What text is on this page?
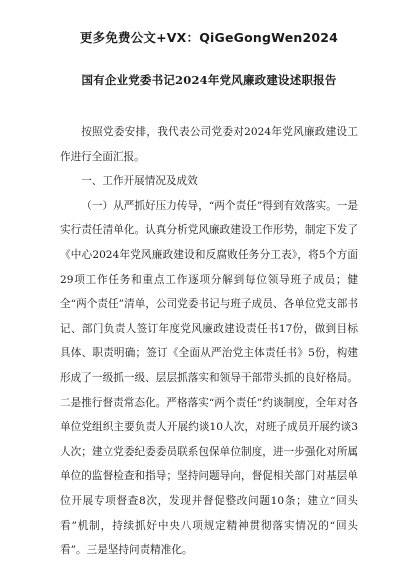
更多免费公文+VX：QiGeGongWen2024
国有企业党委书记2024年党风廉政建设述职报告

按照党委安排，我代表公司党委对2024年党风廉政建设工作进行全面汇报。

一、工作开展情况及成效

（一）从严抓好压力传导，“两个责任”得到有效落实。一是实行责任清单化。认真分析党风廉政建设工作形势，制定下发了《中心2024年党风廉政建设和反腐败任务分工表》，将5个方面29项工作任务和重点工作逐项分解到每位领导班子成员；健全“两个责任”清单，公司党委书记与班子成员、各单位党支部书记、部门负责人签订年度党风廉政建设责任书17份，做到目标具体、职责明确；签订《全面从严治党主体责任书》5份，构建形成了一级抓一级、层层抓落实和领导干部带头抓的良好格局。二是推行督责常态化。严格落实“两个责任”约谈制度，全年对各单位党组织主要负责人开展约谈10人次，对班子成员开展约谈3人次；建立党委纪委委员联系包保单位制度，进一步强化对所属单位的监督检查和指导；坚持问题导向，督促相关部门对基层单位开展专项督查8次，发现并督促整改问题10条；建立“回头看”机制，持续抓好中央八项规定精神贯彻落实情况的“回头看”。三是坚持问责精准化。
